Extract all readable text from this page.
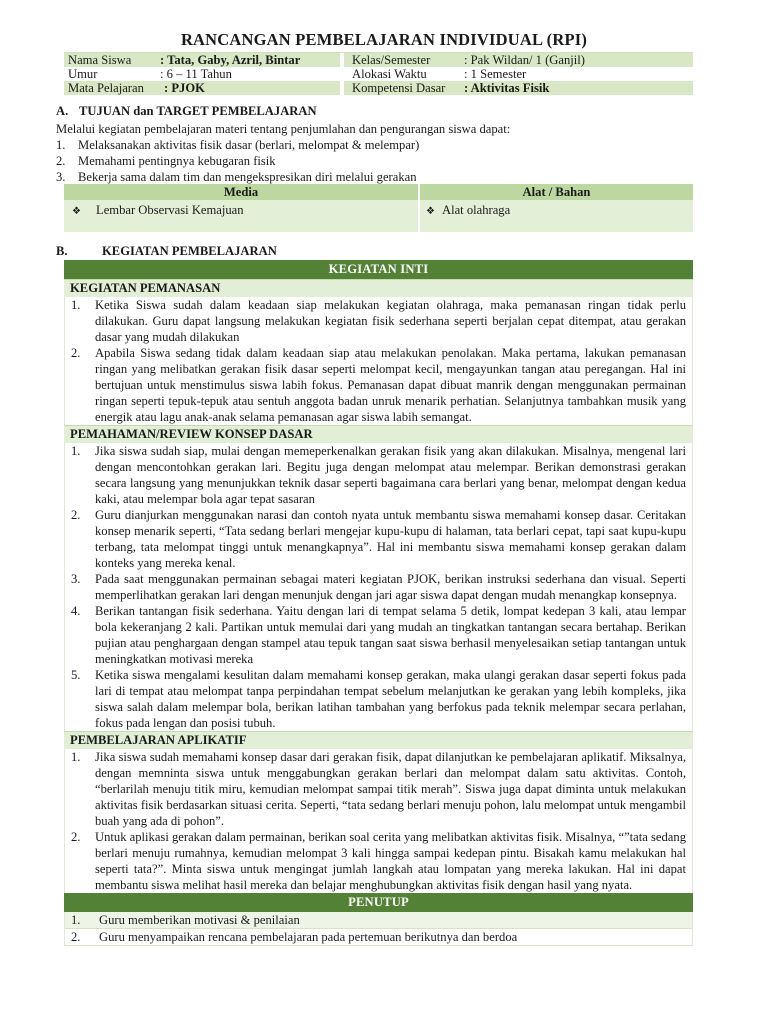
RANCANGAN PEMBELAJARAN INDIVIDUAL (RPI)
Nama Siswa	: Tata, Gaby, Azril, Bintar	Kelas/Semester	: Pak Wildan/ 1 (Ganjil)
Umur	: 6 – 11 Tahun	Alokasi Waktu	: 1 Semester
Mata Pelajaran	: PJOK	Kompetensi Dasar	: Aktivitas Fisik
A. TUJUAN dan TARGET PEMBELAJARAN
Melalui kegiatan pembelajaran materi tentang penjumlahan dan pengurangan siswa dapat:
1. Melaksanakan aktivitas fisik dasar (berlari, melompat & melempar)
2. Memahami pentingnya kebugaran fisik
3. Bekerja sama dalam tim dan mengekspresikan diri melalui gerakan
Media	Alat / Bahan
❖ Lembar Observasi Kemajuan	❖ Alat olahraga
B.	KEGIATAN PEMBELAJARAN
KEGIATAN INTI
KEGIATAN PEMANASAN
1.	Ketika Siswa sudah dalam keadaan siap melakukan kegiatan olahraga, maka pemanasan ringan tidak perlu dilakukan. Guru dapat langsung melakukan kegiatan fisik sederhana seperti berjalan cepat ditempat, atau gerakan dasar yang mudah dilakukan
2.	Apabila Siswa sedang tidak dalam keadaan siap atau melakukan penolakan. Maka pertama, lakukan pemanasan ringan yang melibatkan gerakan fisik dasar seperti melompat kecil, mengayunkan tangan atau peregangan. Hal ini bertujuan untuk menstimulus siswa labih fokus. Pemanasan dapat dibuat manrik dengan menggunakan permainan ringan seperti tepuk-tepuk atau sentuh anggota badan unruk menarik perhatian. Selanjutnya tambahkan musik yang energik atau lagu anak-anak selama pemanasan agar siswa labih semangat.
PEMAHAMAN/REVIEW KONSEP DASAR
1.	Jika siswa sudah siap, mulai dengan memeperkenalkan gerakan fisik yang akan dilakukan. Misalnya, mengenal lari dengan mencontohkan gerakan lari. Begitu juga dengan melompat atau melempar. Berikan demonstrasi gerakan secara langsung yang menunjukkan teknik dasar seperti bagaimana cara berlari yang benar, melompat dengan kedua kaki, atau melempar bola agar tepat sasaran
2.	Guru dianjurkan menggunakan narasi dan contoh nyata untuk membantu siswa memahami konsep dasar. Ceritakan konsep menarik seperti, “Tata sedang berlari mengejar kupu-kupu di halaman, tata berlari cepat, tapi saat kupu-kupu terbang, tata melompat tinggi untuk menangkapnya”. Hal ini membantu siswa memahami konsep gerakan dalam konteks yang mereka kenal.
3.	Pada saat menggunakan permainan sebagai materi kegiatan PJOK, berikan instruksi sederhana dan visual. Seperti memperlihatkan gerakan lari dengan menunjuk dengan jari agar siswa dapat dengan mudah menangkap konsepnya.
4.	Berikan tantangan fisik sederhana. Yaitu dengan lari di tempat selama 5 detik, lompat kedepan 3 kali, atau lempar bola kekeranjang 2 kali. Partikan untuk memulai dari yang mudah an tingkatkan tantangan secara bertahap. Berikan pujian atau penghargaan dengan stampel atau tepuk tangan saat siswa berhasil menyelesaikan setiap tantangan untuk meningkatkan motivasi mereka
5.	Ketika siswa mengalami kesulitan dalam memahami konsep gerakan, maka ulangi gerakan dasar seperti fokus pada lari di tempat atau melompat tanpa perpindahan tempat sebelum melanjutkan ke gerakan yang lebih kompleks, jika siswa salah dalam melempar bola, berikan latihan tambahan yang berfokus pada teknik melempar secara perlahan, fokus pada lengan dan posisi tubuh.
PEMBELAJARAN APLIKATIF
1.	Jika siswa sudah memahami konsep dasar dari gerakan fisik, dapat dilanjutkan ke pembelajaran aplikatif. Miksalnya, dengan memninta siswa untuk menggabungkan gerakan berlari dan melompat dalam satu aktivitas. Contoh, “berlarilah menuju titik miru, kemudian melompat sampai titik merah”. Siswa juga dapat diminta untuk melakukan aktivitas fisik berdasarkan situasi cerita. Seperti, “tata sedang berlari menuju pohon, lalu melompat untuk mengambil buah yang ada di pohon”.
2.	Untuk aplikasi gerakan dalam permainan, berikan soal cerita yang melibatkan aktivitas fisik. Misalnya, “”tata sedang berlari menuju rumahnya, kemudian melompat 3 kali hingga sampai kedepan pintu. Bisakah kamu melakukan hal seperti tata?”. Minta siswa untuk mengingat jumlah langkah atau lompatan yang mereka lakukan. Hal ini dapat membantu siswa melihat hasil mereka dan belajar menghubungkan aktivitas fisik dengan hasil yang nyata.
PENUTUP
1.	Guru memberikan motivasi & penilaian
2.	Guru menyampaikan rencana pembelajaran pada pertemuan berikutnya dan berdoa
